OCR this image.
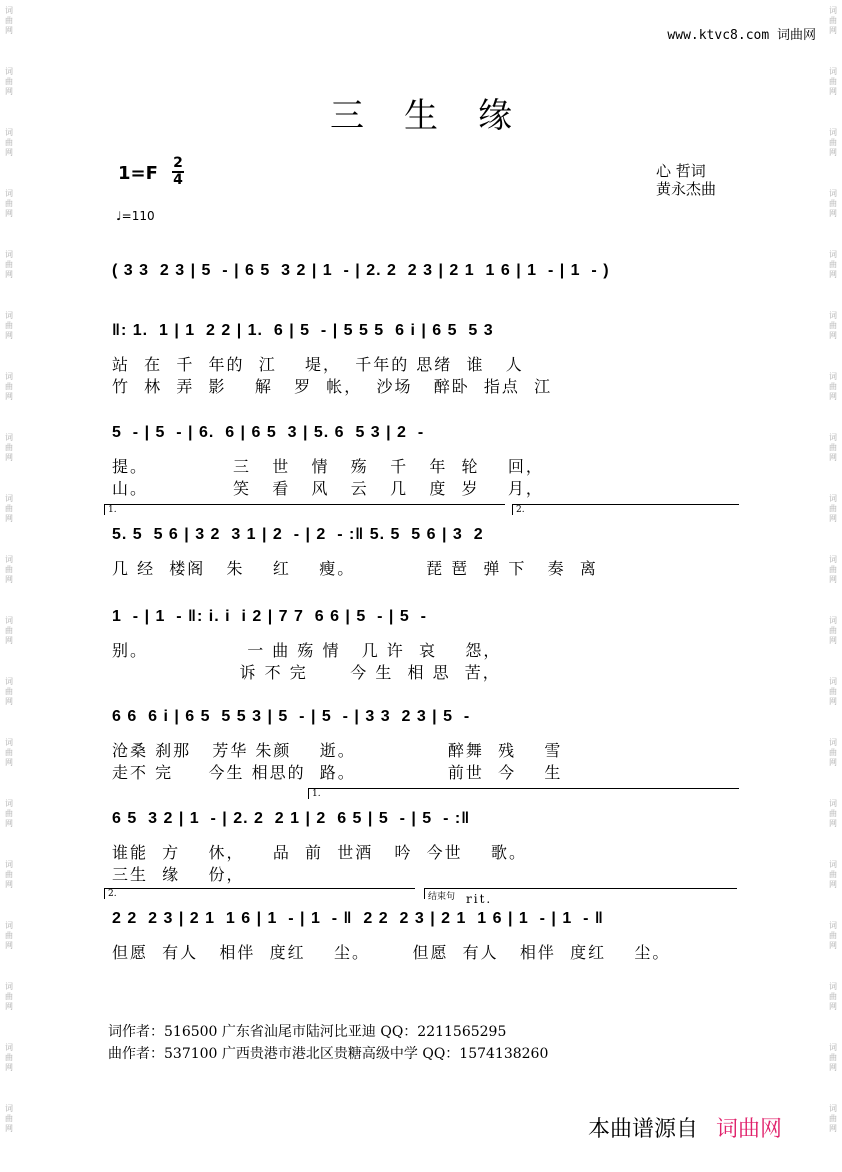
词
曲
网
词
曲
网
词
曲
网
词
曲
网
词
曲
网
词
曲
网
词
曲
网
词
曲
网
词
曲
网
词
曲
网
词
曲
网
词
曲
网
词
曲
网
词
曲
网
词
曲
网
词
曲
网
词
曲
网
词
曲
网
词
曲
网
词
曲
网
词
曲
网
词
曲
网
词
曲
网
词
曲
网
词
曲
网
词
曲
网
词
曲
网
词
曲
网
词
曲
网
词
曲
网
词
曲
网
词
曲
网
词
曲
网
词
曲
网
词
曲
网
词
曲
网
词
曲
网
词
曲
网
www.ktvc8.com 词曲网
三生缘
1=F 2
4
♩=110
心 哲词
黄永杰曲
( 3 3  2 3 | 5  - | 6 5  3 2 | 1  - | 2. 2  2 3 | 2 1  1 6 | 1  - | 1  - )
‖: 1.  1 | 1  2 2 | 1.  6 | 5  - | 5 5 5  6 i | 6 5  5 3
站  在  千  年的  江    堤，  千年的 思绪  谁   人
竹  林  弄  影    解   罗  帐，  沙场   醉卧  指点  江
5  - | 5  - | 6.  6 | 6 5  3 | 5. 6  5 3 | 2  -
提。            三   世   情   殇   千   年  轮    回，
山。            笑   看   风   云   几   度  岁    月，
5. 5  5 6 | 3 2  3 1 | 2  - | 2  - :‖ 5. 5  5 6 | 3  2
几 经  楼阁   朱    红    瘦。          琵 琶  弹 下   奏  离
1.	2.
1  - | 1  - ‖: i. i  i 2 | 7 7  6 6 | 5  - | 5  -
别。              一 曲 殇 情   几 许  哀    怨，
诉 不 完      今 生  相 思  苦，
6 6  6 i | 6 5  5 5 3 | 5  - | 5  - | 3 3  2 3 | 5  -
沧桑 刹那   芳华 朱颜    逝。             醉舞  残    雪
走不 完     今生 相思的  路。             前世  今    生
6 5  3 2 | 1  - | 2. 2  2 1 | 2  6 5 | 5  - | 5  - :‖
谁能  方    休，    品  前  世酒   吟  今世    歌。
三生  缘    份，
1.
2 2  2 3 | 2 1  1 6 | 1  - | 1  - ‖  2 2  2 3 | 2 1  1 6 | 1  - | 1  - ‖
但愿  有人   相伴  度红    尘。      但愿  有人   相伴  度红    尘。
2.	结束句 rit.
词作者：516500 广东省汕尾市陆河比亚迪 QQ：2211565295
曲作者：537100 广西贵港市港北区贵糖高级中学 QQ：1574138260
本曲谱源自 词曲网
